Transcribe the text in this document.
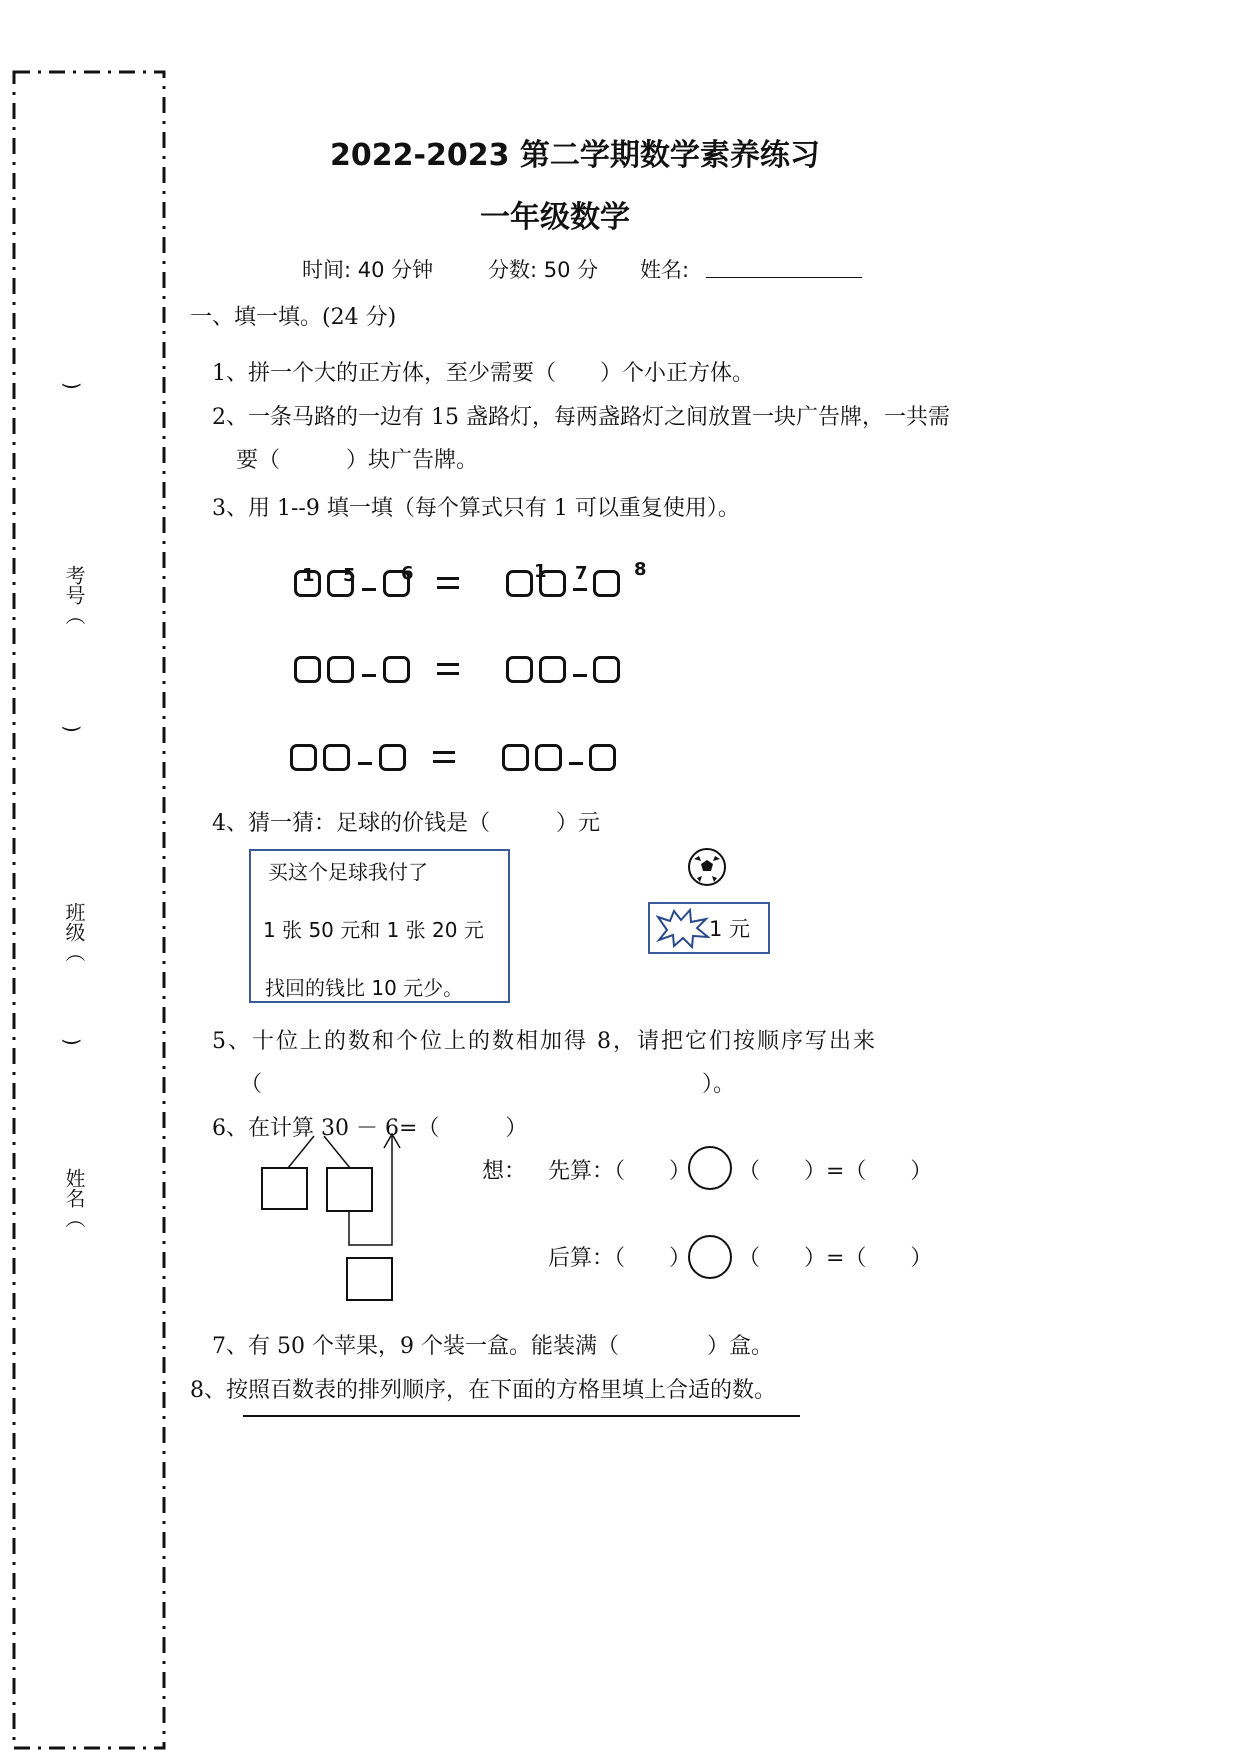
)
考号（
)
班级（
)
姓名（
2022-2023 第二学期数学素养练习
一年级数学
时间: 40 分钟	分数: 50 分 姓名:
一、填一填。(24 分)
1、拼一个大的正方体，至少需要（　　）个小正方体。
2、一条马路的一边有 15 盏路灯，每两盏路灯之间放置一块广告牌，一共需
要（　　　）块广告牌。
3、用 1--9 填一填（每个算式只有 1 可以重复使用）。
1 5	6	1 7	8
4、猜一猜：足球的价钱是（　　　）元
买这个足球我付了
1 张 50 元和 1 张 20 元
找回的钱比 10 元少。
1 元
5、十位上的数和个位上的数相加得 8，请把它们按顺序写出来
（　　　　　　　　　　　　　　　　　　　　）。
6、在计算 30 － 6=（　　　）
想： 先算：（　　） （　　）=（　　）
后算：（　　） （　　）=（　　）
7、有 50 个苹果，9 个装一盒。能装满（　　　　）盒。
8、按照百数表的排列顺序，在下面的方格里填上合适的数。
